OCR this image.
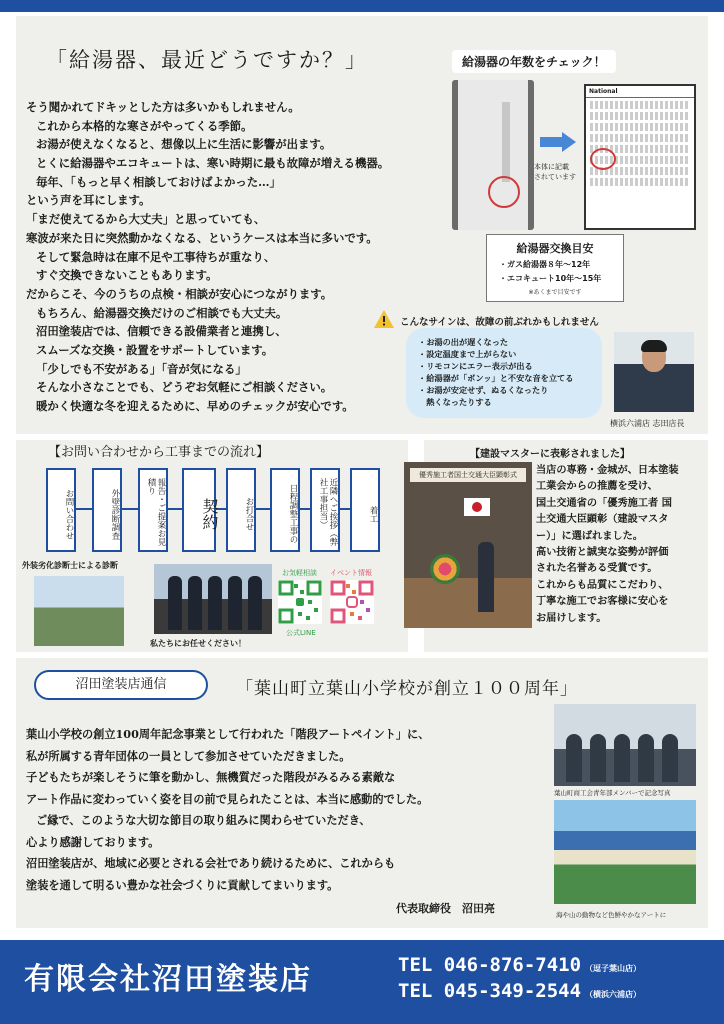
「給湯器、最近どうですか？」
そう聞かれてドキッとした方は多いかもしれません。
これから本格的な寒さがやってくる季節。
お湯が使えなくなると、想像以上に生活に影響が出ます。
とくに給湯器やエコキュートは、寒い時期に最も故障が増える機器。
毎年、「もっと早く相談しておけばよかった…」
という声を耳にします。
「まだ使えてるから大丈夫」と思っていても、
寒波が来た日に突然動かなくなる、というケースは本当に多いです。
そして緊急時は在庫不足や工事待ちが重なり、
すぐ交換できないこともあります。
だからこそ、今のうちの点検・相談が安心につながります。
もちろん、給湯器交換だけのご相談でも大丈夫。
沼田塗装店では、信頼できる設備業者と連携し、
スムーズな交換・設置をサポートしています。
「少しでも不安がある」「音が気になる」
そんな小さなことでも、どうぞお気軽にご相談ください。
暖かく快適な冬を迎えるために、早めのチェックが安心です。
給湯器の年数をチェック！
本体に記載
されています
National
給湯器交換目安
・ガス給湯器８年〜12年
・エコキュート10年〜15年
※あくまで目安です
こんなサインは、故障の前ぶれかもしれません
・お湯の出が遅くなった
・設定温度まで上がらない
・リモコンにエラー表示が出る
・給湯器が「ボンッ」と不安な音を立てる
・お湯が安定せず、ぬるくなったり
　熱くなったりする
横浜六浦店 志田店長
【お問い合わせから工事までの流れ】
お問い合わせ	外壁診断調査	報告・ご提案お見積り
契約	お打合せ	日程調整工事の	近隣へご挨拶（弊社工事担当）	着工
外装劣化診断士による診断
私たちにお任せください！
お気軽相談
公式LINE
イベント情報
【建設マスターに表彰されました】
優秀施工者国土交通大臣顕彰式	当店の専務・金城が、日本塗装
工業会からの推薦を受け、
国土交通省の「優秀施工者 国
土交通大臣顕彰（建設マスタ
ー）」に選ばれました。
高い技術と誠実な姿勢が評価
された名誉ある受賞です。
これからも品質にこだわり、
丁寧な施工でお客様に安心を
お届けします。
沼田塗装店通信	「葉山町立葉山小学校が創立１００周年」
葉山小学校の創立100周年記念事業として行われた「階段アートペイント」に、
私が所属する青年団体の一員として参加させていただきました。
子どもたちが楽しそうに筆を動かし、無機質だった階段がみるみる素敵な
アート作品に変わっていく姿を目の前で見られたことは、本当に感動的でした。
ご縁で、このような大切な節目の取り組みに関わらせていただき、
心より感謝しております。
沼田塗装店が、地域に必要とされる会社であり続けるために、これからも
塗装を通して明るい豊かな社会づくりに貢献してまいります。
代表取締役　沼田亮
葉山町商工会青年部メンバーで記念写真
海や山の動物など色鮮やかなアートに
有限会社沼田塗装店	TEL 046-876-7410 （逗子葉山店）
TEL 045-349-2544 （横浜六浦店）
